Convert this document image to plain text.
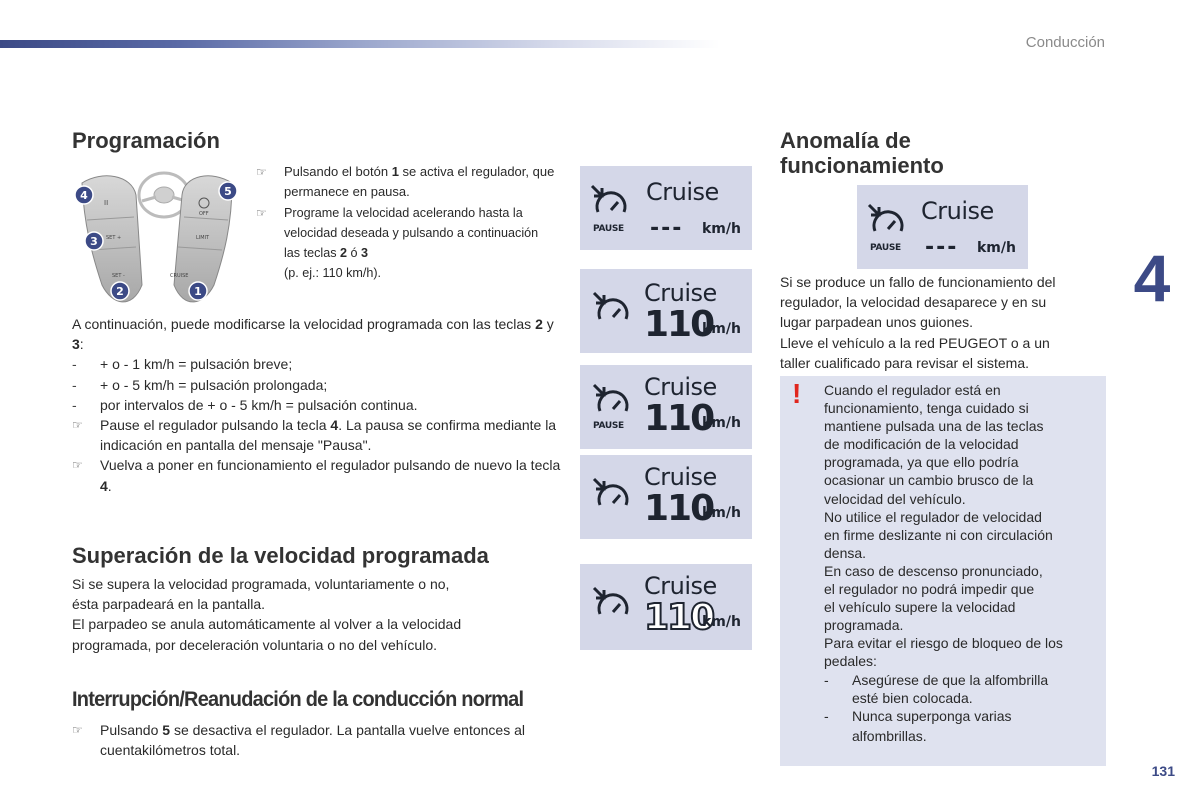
Conducción
4
Programación
II
SET +
SET -
LIMIT
CRUISE
OFF
4
3
2	1
5
☞ Pulsando el botón 1 se activa el regulador, que permanece en pausa.
☞ Programe la velocidad acelerando hasta la velocidad deseada y pulsando a continuación las teclas 2 ó 3
(p. ej.: 110 km/h).
A continuación, puede modificarse la velocidad programada con las teclas 2 y 3:
-	+ o - 1 km/h = pulsación breve;
-	+ o - 5 km/h = pulsación prolongada;
-	por intervalos de + o - 5 km/h = pulsación continua.
☞ Pause el regulador pulsando la tecla 4. La pausa se confirma mediante la indicación en pantalla del mensaje "Pausa".
☞ Vuelva a poner en funcionamiento el regulador pulsando de nuevo la tecla 4.
Superación de la velocidad programada
Si se supera la velocidad programada, voluntariamente o no,
ésta parpadeará en la pantalla.
El parpadeo se anula automáticamente al volver a la velocidad
programada, por deceleración voluntaria o no del vehículo.
Interrupción/Reanudación de la conducción normal
☞ Pulsando 5 se desactiva el regulador. La pantalla vuelve entonces al cuentakilómetros total.
PAUSE
Cruise
--- km/h
Cruise
110
km/h
PAUSE
Cruise
110
km/h
Cruise
110
km/h
Cruise
110
km/h
Anomalía de
funcionamiento
PAUSE
Cruise
--- km/h
Si se produce un fallo de funcionamiento del
regulador, la velocidad desaparece y en su
lugar parpadean unos guiones.
Lleve el vehículo a la red PEUGEOT o a un
taller cualificado para revisar el sistema.
! Cuando el regulador está en
funcionamiento, tenga cuidado si
mantiene pulsada una de las teclas
de modificación de la velocidad
programada, ya que ello podría
ocasionar un cambio brusco de la
velocidad del vehículo.
No utilice el regulador de velocidad
en firme deslizante ni con circulación
densa.
En caso de descenso pronunciado,
el regulador no podrá impedir que
el vehículo supere la velocidad
programada.
Para evitar el riesgo de bloqueo de los
pedales:
- Asegúrese de que la alfombrilla
esté bien colocada.
- Nunca superponga varias
alfombrillas.
131
